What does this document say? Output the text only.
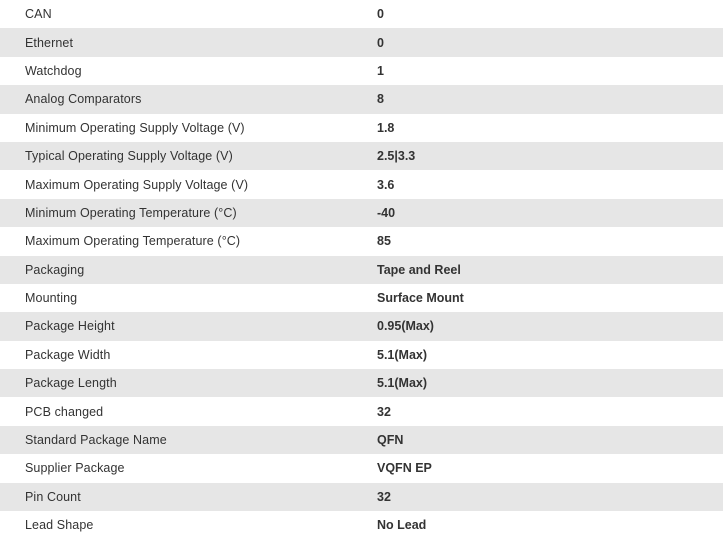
CAN	0
Ethernet	0
Watchdog	1
Analog Comparators	8
Minimum Operating Supply Voltage (V)	1.8
Typical Operating Supply Voltage (V)	2.5|3.3
Maximum Operating Supply Voltage (V)	3.6
Minimum Operating Temperature (°C)	-40
Maximum Operating Temperature (°C)	85
Packaging	Tape and Reel
Mounting	Surface Mount
Package Height	0.95(Max)
Package Width	5.1(Max)
Package Length	5.1(Max)
PCB changed	32
Standard Package Name	QFN
Supplier Package	VQFN EP
Pin Count	32
Lead Shape	No Lead
